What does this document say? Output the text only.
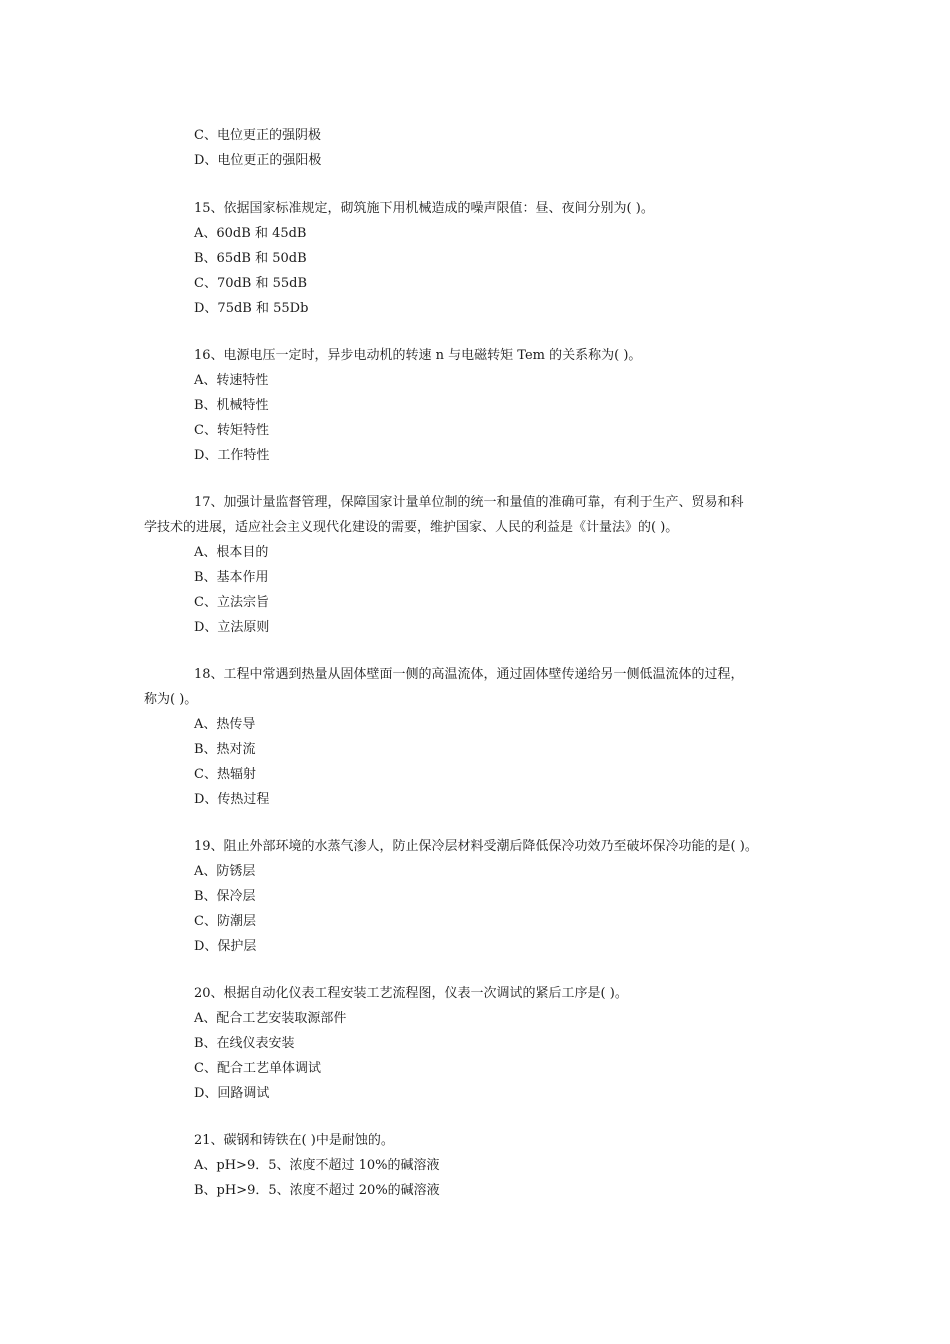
C、电位更正的强阴极
D、电位更正的强阳极
15、依据国家标准规定，砌筑施下用机械造成的噪声限值：昼、夜间分别为( )。
A、60dB 和 45dB
B、65dB 和 50dB
C、70dB 和 55dB
D、75dB 和 55Db
16、电源电压一定时，异步电动机的转速 n 与电磁转矩 Tem 的关系称为( )。
A、转速特性
B、机械特性
C、转矩特性
D、工作特性
17、加强计量监督管理，保障国家计量单位制的统一和量值的准确可靠，有利于生产、贸易和科
学技术的进展，适应社会主义现代化建设的需要，维护国家、人民的利益是《计量法》的( )。
A、根本目的
B、基本作用
C、立法宗旨
D、立法原则
18、工程中常遇到热量从固体壁面一侧的高温流体，通过固体壁传递给另一侧低温流体的过程，
称为( )。
A、热传导
B、热对流
C、热辐射
D、传热过程
19、阻止外部环境的水蒸气渗人，防止保冷层材料受潮后降低保冷功效乃至破坏保冷功能的是( )。
A、防锈层
B、保冷层
C、防潮层
D、保护层
20、根据自动化仪表工程安装工艺流程图，仪表一次调试的紧后工序是( )。
A、配合工艺安装取源部件
B、在线仪表安装
C、配合工艺单体调试
D、回路调试
21、碳钢和铸铁在( )中是耐蚀的。
A、pH>9．5、浓度不超过 10%的碱溶液
B、pH>9．5、浓度不超过 20%的碱溶液
